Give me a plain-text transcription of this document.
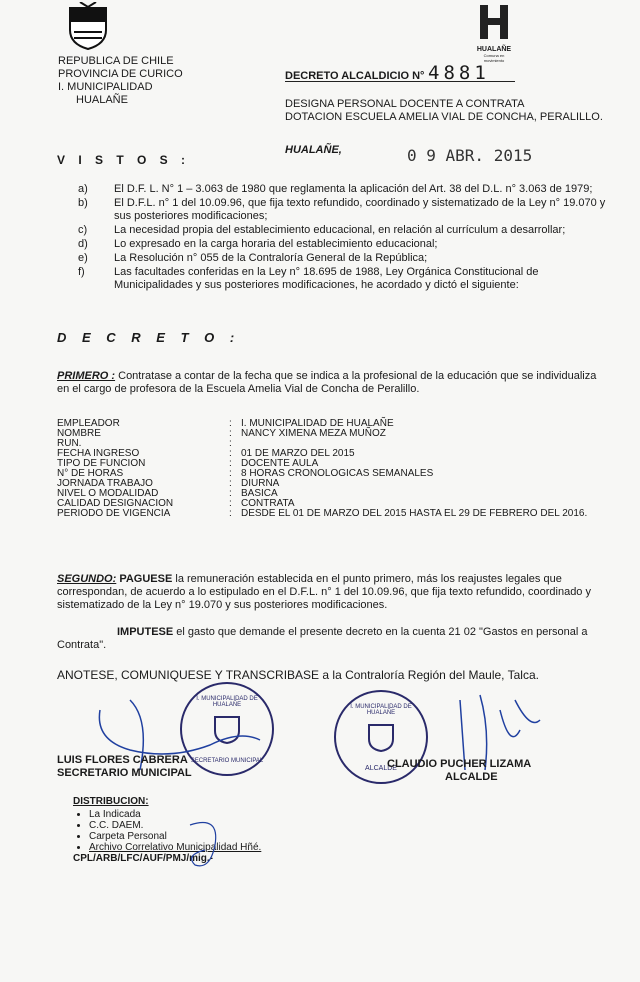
REPUBLICA DE CHILE
PROVINCIA DE CURICO
I. MUNICIPALIDAD
HUALAÑE
HUALAÑE
Comuna en movimiento
DECRETO ALCALDICIO N° 4881
DESIGNA PERSONAL DOCENTE A CONTRATA
DOTACION ESCUELA AMELIA VIAL DE CONCHA, PERALILLO.
HUALAÑE,	0 9 ABR. 2015
V I S T O S :
a)	El D.F. L. N° 1 – 3.063 de 1980 que reglamenta la aplicación del Art. 38 del D.L. n° 3.063 de 1979;
b)	El D.F.L. n° 1 del 10.09.96, que fija texto refundido, coordinado y sistematizado de la Ley n° 19.070 y sus posteriores modificaciones;
c)	La necesidad propia del establecimiento educacional, en relación al currículum a desarrollar;
d)	Lo expresado en la carga horaria del establecimiento educacional;
e)	La Resolución n° 055 de la Contraloría General de la República;
f)	Las facultades conferidas en la Ley n° 18.695 de 1988, Ley Orgánica Constitucional de Municipalidades y sus posteriores modificaciones, he acordado y dictó el siguiente:
D E C R E T O :
PRIMERO : Contratase a contar de la fecha que se indica a la profesional de la educación que se individualiza en el cargo de profesora de la Escuela Amelia Vial de Concha de Peralillo.
EMPLEADOR	: I. MUNICIPALIDAD DE HUALAÑE
NOMBRE	: NANCY XIMENA MEZA MUÑOZ
RUN.	:
FECHA INGRESO	: 01 DE MARZO DEL 2015
TIPO DE FUNCION	: DOCENTE AULA
N° DE HORAS	: 8 HORAS CRONOLOGICAS SEMANALES
JORNADA TRABAJO	: DIURNA
NIVEL O MODALIDAD	: BASICA
CALIDAD DESIGNACION	: CONTRATA
PERIODO DE VIGENCIA	: DESDE EL 01 DE MARZO DEL 2015 HASTA EL 29 DE FEBRERO DEL 2016.
SEGUNDO: PAGUESE la remuneración establecida en el punto primero, más los reajustes legales que correspondan, de acuerdo a lo estipulado en el D.F.L. n° 1 del 10.09.96, que fija texto refundido, coordinado y sistematizado de la Ley n° 19.070 y sus posteriores modificaciones.
IMPUTESE el gasto que demande el presente decreto en la cuenta 21 02 "Gastos en personal a Contrata".
ANOTESE, COMUNIQUESE Y TRANSCRIBASE a la Contraloría Región del Maule, Talca.
I. MUNICIPALIDAD DE HUALAÑE
SECRETARIO MUNICIPAL
I. MUNICIPALIDAD DE HUALAÑE
ALCALDE
LUIS FLORES CABRERA
SECRETARIO MUNICIPAL
CLAUDIO PUCHER LIZAMA
ALCALDE
DISTRIBUCION:
• La Indicada
• C.C. DAEM.
• Carpeta Personal
• Archivo Correlativo Municipalidad Hñé.
CPL/ARB/LFC/AUF/PMJ/mig.-
